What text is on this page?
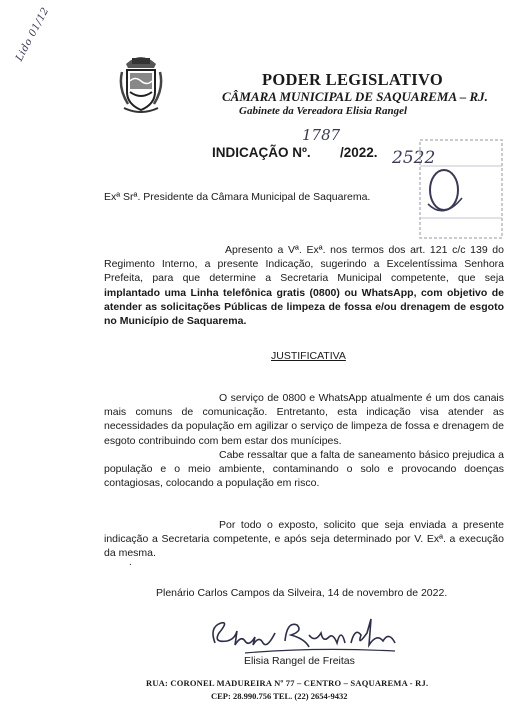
Lido 01/12
PODER LEGISLATIVO
CÂMARA MUNICIPAL DE SAQUAREMA – RJ.
Gabinete da Vereadora Elisia Rangel
INDICAÇÃO Nº.
1787
/2022. 2522
Exª Srª. Presidente da Câmara Municipal de Saquarema.
Apresento a Vª. Exª. nos termos dos art. 121 c/c 139 do Regimento Interno, a presente Indicação, sugerindo a Excelentíssima Senhora Prefeita, para que determine a Secretaria Municipal competente, que seja implantado uma Linha telefônica gratis (0800) ou WhatsApp, com objetivo de atender as solicitações Públicas de limpeza de fossa e/ou drenagem de esgoto no Município de Saquarema.
JUSTIFICATIVA
O serviço de 0800 e WhatsApp atualmente é um dos canais mais comuns de comunicação. Entretanto, esta indicação visa atender as necessidades da população em agilizar o serviço de limpeza de fossa e drenagem de esgoto contribuindo com bem estar dos munícipes.
Cabe ressaltar que a falta de saneamento básico prejudica a população e o meio ambiente, contaminando o solo e provocando doenças contagiosas, colocando a população em risco.
Por todo o exposto, solicito que seja enviada a presente indicação a Secretaria competente, e após seja determinado por V. Exª. a execução da mesma.
.
Plenário Carlos Campos da Silveira, 14 de novembro de 2022.
Elisia Rangel de Freitas
RUA: CORONEL MADUREIRA Nº 77 – CENTRO – SAQUAREMA - RJ.
CEP: 28.990.756 TEL. (22) 2654-9432
